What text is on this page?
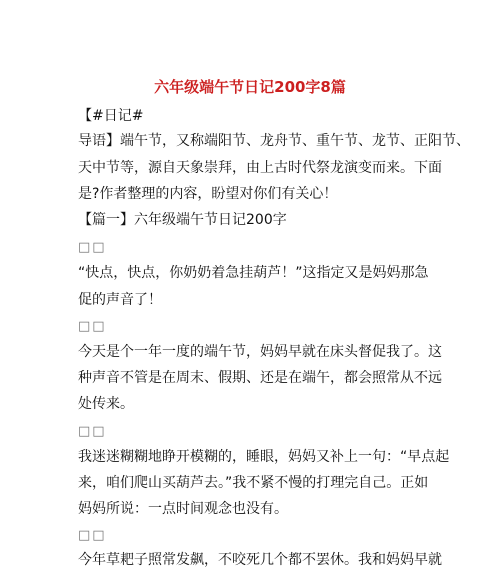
六年级端午节日记200字8篇
【#日记#
导语】端午节，又称端阳节、龙舟节、重午节、龙节、正阳节、
天中节等，源自天象崇拜，由上古时代祭龙演变而来。下面
是?作者整理的内容，盼望对你们有关心！
【篇一】六年级端午节日记200字
□□
“快点，快点，你奶奶着急挂葫芦！”这指定又是妈妈那急
促的声音了！
□□
今天是个一年一度的端午节，妈妈早就在床头督促我了。这
种声音不管是在周末、假期、还是在端午，都会照常从不远
处传来。
□□
我迷迷糊糊地睁开模糊的，睡眼，妈妈又补上一句：“早点起
来，咱们爬山买葫芦去。”我不紧不慢的打理完自己。正如
妈妈所说：一点时间观念也没有。
□□
今年草耙子照常发飙，不咬死几个都不罢休。我和妈妈早就
